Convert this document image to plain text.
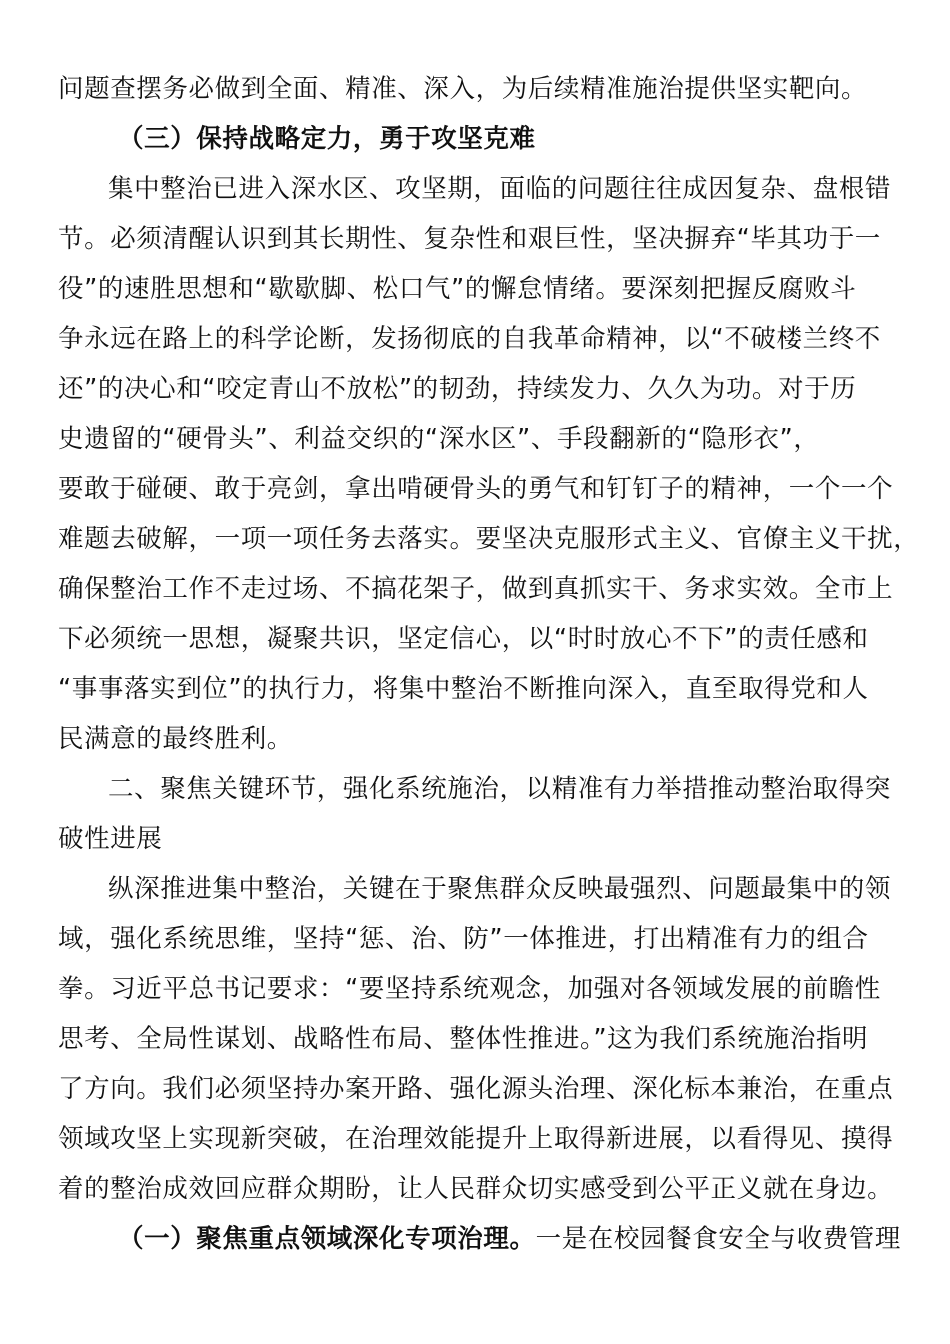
问题查摆务必做到全面、精准、深入，为后续精准施治提供坚实靶向。
（三）保持战略定力，勇于攻坚克难
集中整治已进入深水区、攻坚期，面临的问题往往成因复杂、盘根错
节。必须清醒认识到其长期性、复杂性和艰巨性，坚决摒弃“毕其功于一
役”的速胜思想和“歇歇脚、松口气”的懈怠情绪。要深刻把握反腐败斗
争永远在路上的科学论断，发扬彻底的自我革命精神，以“不破楼兰终不
还”的决心和“咬定青山不放松”的韧劲，持续发力、久久为功。对于历
史遗留的“硬骨头”、利益交织的“深水区”、手段翻新的“隐形衣”，
要敢于碰硬、敢于亮剑，拿出啃硬骨头的勇气和钉钉子的精神，一个一个
难题去破解，一项一项任务去落实。要坚决克服形式主义、官僚主义干扰，
确保整治工作不走过场、不搞花架子，做到真抓实干、务求实效。全市上
下必须统一思想，凝聚共识，坚定信心，以“时时放心不下”的责任感和
“事事落实到位”的执行力，将集中整治不断推向深入，直至取得党和人
民满意的最终胜利。
二、聚焦关键环节，强化系统施治，以精准有力举措推动整治取得突
破性进展
纵深推进集中整治，关键在于聚焦群众反映最强烈、问题最集中的领
域，强化系统思维，坚持“惩、治、防”一体推进，打出精准有力的组合
拳。习近平总书记要求：“要坚持系统观念，加强对各领域发展的前瞻性
思考、全局性谋划、战略性布局、整体性推进。”这为我们系统施治指明
了方向。我们必须坚持办案开路、强化源头治理、深化标本兼治，在重点
领域攻坚上实现新突破，在治理效能提升上取得新进展，以看得见、摸得
着的整治成效回应群众期盼，让人民群众切实感受到公平正义就在身边。
（一）聚焦重点领域深化专项治理。一是在校园餐食安全与收费管理
